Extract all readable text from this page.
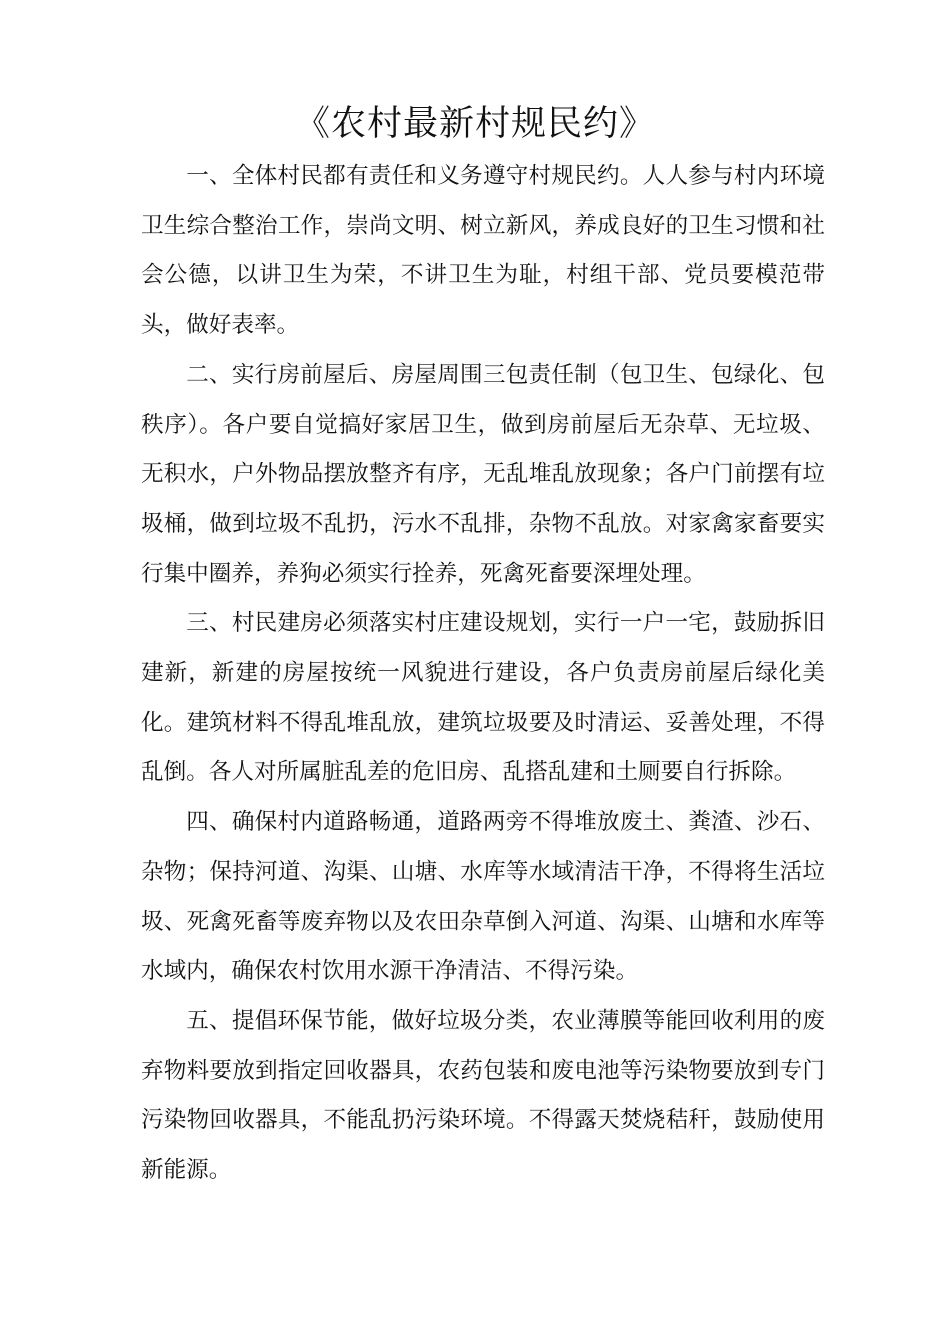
《农村最新村规民约》

一、全体村民都有责任和义务遵守村规民约。人人参与村内环境卫生综合整治工作，崇尚文明、树立新风，养成良好的卫生习惯和社会公德，以讲卫生为荣，不讲卫生为耻，村组干部、党员要模范带头，做好表率。

二、实行房前屋后、房屋周围三包责任制（包卫生、包绿化、包秩序）。各户要自觉搞好家居卫生，做到房前屋后无杂草、无垃圾、无积水，户外物品摆放整齐有序，无乱堆乱放现象；各户门前摆有垃圾桶，做到垃圾不乱扔，污水不乱排，杂物不乱放。对家禽家畜要实行集中圈养，养狗必须实行拴养，死禽死畜要深埋处理。

三、村民建房必须落实村庄建设规划，实行一户一宅，鼓励拆旧建新，新建的房屋按统一风貌进行建设，各户负责房前屋后绿化美化。建筑材料不得乱堆乱放，建筑垃圾要及时清运、妥善处理，不得乱倒。各人对所属脏乱差的危旧房、乱搭乱建和土厕要自行拆除。

四、确保村内道路畅通，道路两旁不得堆放废土、粪渣、沙石、杂物；保持河道、沟渠、山塘、水库等水域清洁干净，不得将生活垃圾、死禽死畜等废弃物以及农田杂草倒入河道、沟渠、山塘和水库等水域内，确保农村饮用水源干净清洁、不得污染。

五、提倡环保节能，做好垃圾分类，农业薄膜等能回收利用的废弃物料要放到指定回收器具，农药包装和废电池等污染物要放到专门污染物回收器具，不能乱扔污染环境。不得露天焚烧秸秆，鼓励使用新能源。
